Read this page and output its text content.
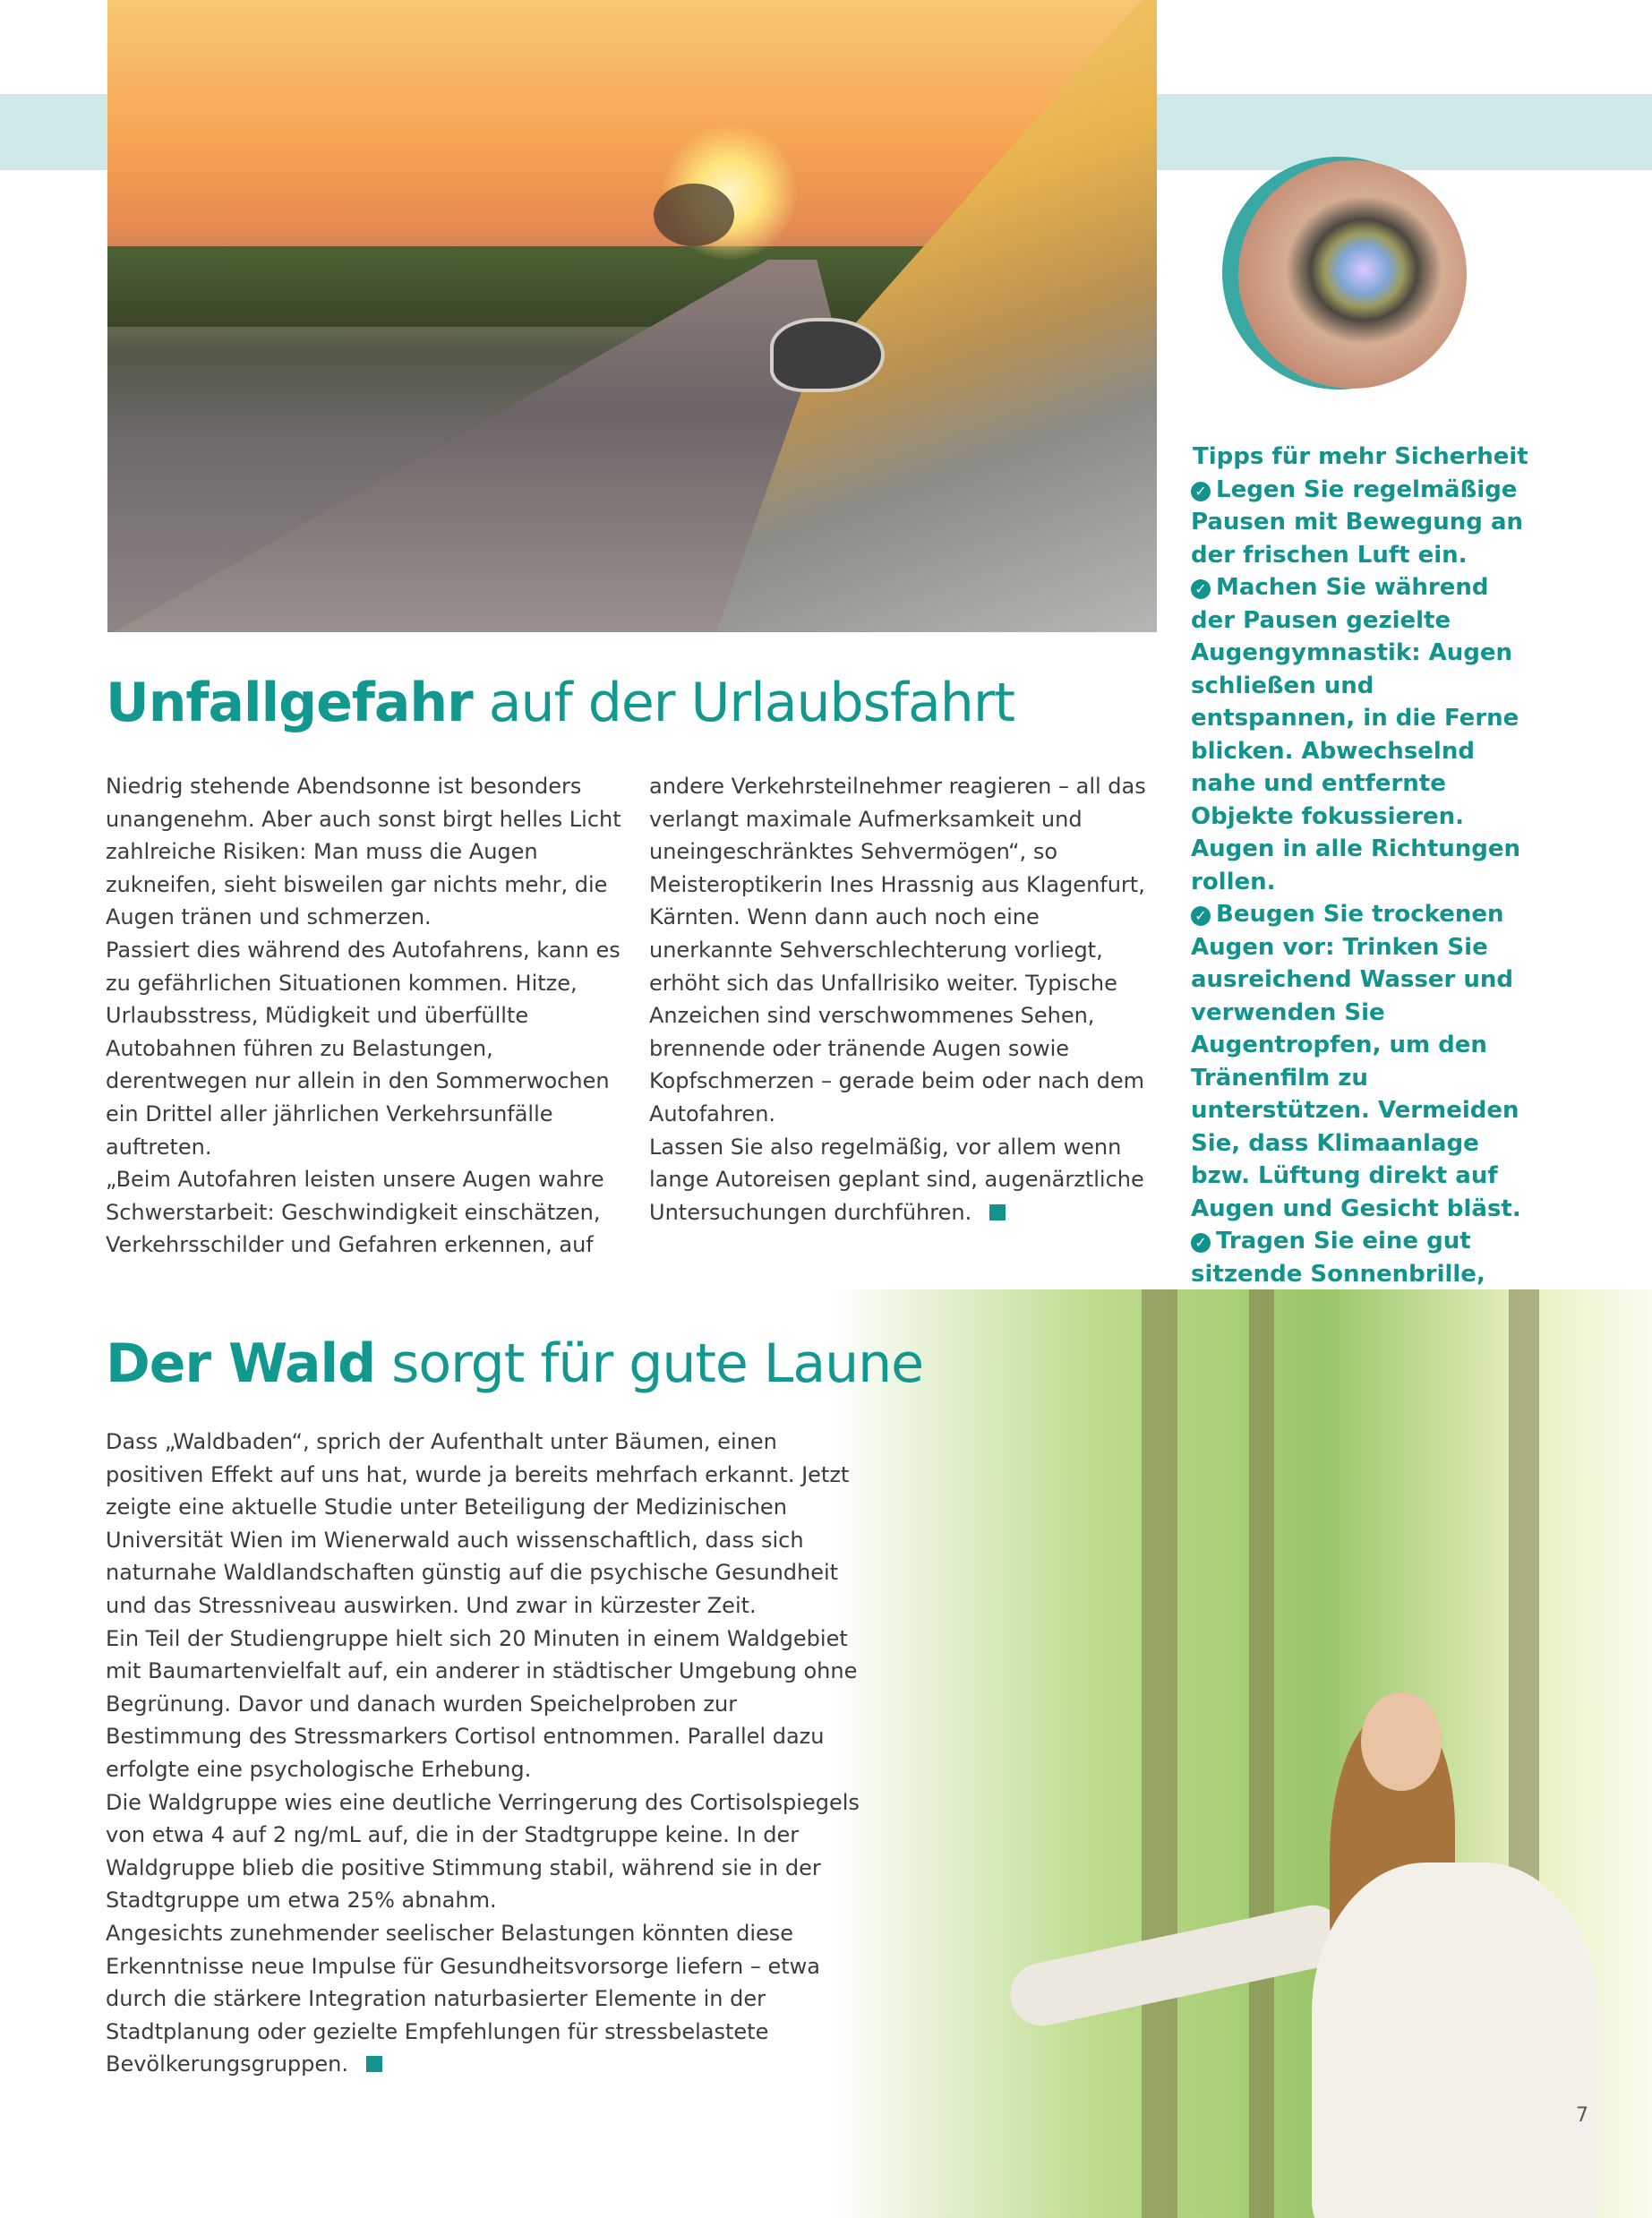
Tipps für mehr Sicherheit
✓ Legen Sie regelmäßige Pausen mit Bewegung an der frischen Luft ein.
✓ Machen Sie während der Pausen gezielte Augengymnastik: Augen schließen und entspannen, in die Ferne blicken. Abwechselnd nahe und entfernte Objekte fokussieren. Augen in alle Richtungen rollen.
✓ Beugen Sie trockenen Augen vor: Trinken Sie ausreichend Wasser und verwenden Sie Augentropfen, um den Tränenfilm zu unterstützen. Vermeiden Sie, dass Klimaanlage bzw. Lüftung direkt auf Augen und Gesicht bläst.
✓ Tragen Sie eine gut sitzende Sonnenbrille,
Unfallgefahr auf der Urlaubsfahrt

Niedrig stehende Abendsonne ist besonders unangenehm. Aber auch sonst birgt helles Licht zahlreiche Risiken: Man muss die Augen zukneifen, sieht bisweilen gar nichts mehr, die Augen tränen und schmerzen.

Passiert dies während des Autofahrens, kann es zu gefährlichen Situationen kommen. Hitze, Urlaubsstress, Müdigkeit und überfüllte Autobahnen führen zu Belastungen, derentwegen nur allein in den Sommerwochen ein Drittel aller jährlichen Verkehrsunfälle auftreten.

„Beim Autofahren leisten unsere Augen wahre Schwerstarbeit: Geschwindigkeit einschätzen, Verkehrsschilder und Gefahren erkennen, auf

andere Verkehrsteilnehmer reagieren – all das verlangt maximale Aufmerksamkeit und uneingeschränktes Sehvermögen“, so Meisteroptikerin Ines Hrassnig aus Klagenfurt, Kärnten. Wenn dann auch noch eine unerkannte Sehverschlechterung vorliegt, erhöht sich das Unfallrisiko weiter. Typische Anzeichen sind verschwommenes Sehen, brennende oder tränende Augen sowie Kopfschmerzen – gerade beim oder nach dem Autofahren.

Lassen Sie also regelmäßig, vor allem wenn lange Autoreisen geplant sind, augenärztliche Untersuchungen durchführen.

Der Wald sorgt für gute Laune

Dass „Waldbaden“, sprich der Aufenthalt unter Bäumen, einen positiven Effekt auf uns hat, wurde ja bereits mehrfach erkannt. Jetzt zeigte eine aktuelle Studie unter Beteiligung der Medizinischen Universität Wien im Wienerwald auch wissenschaftlich, dass sich naturnahe Waldlandschaften günstig auf die psychische Gesundheit und das Stressniveau auswirken. Und zwar in kürzester Zeit.

Ein Teil der Studiengruppe hielt sich 20 Minuten in einem Waldgebiet mit Baumartenvielfalt auf, ein anderer in städtischer Umgebung ohne Begrünung. Davor und danach wurden Speichelproben zur Bestimmung des Stressmarkers Cortisol entnommen. Parallel dazu erfolgte eine psychologische Erhebung.

Die Waldgruppe wies eine deutliche Verringerung des Cortisolspiegels von etwa 4 auf 2 ng/mL auf, die in der Stadtgruppe keine. In der Waldgruppe blieb die positive Stimmung stabil, während sie in der Stadtgruppe um etwa 25% abnahm.

Angesichts zunehmender seelischer Belastungen könnten diese Erkenntnisse neue Impulse für Gesundheitsvorsorge liefern – etwa durch die stärkere Integration naturbasierter Elemente in der Stadtplanung oder gezielte Empfehlungen für stressbelastete Bevölkerungsgruppen.

7
